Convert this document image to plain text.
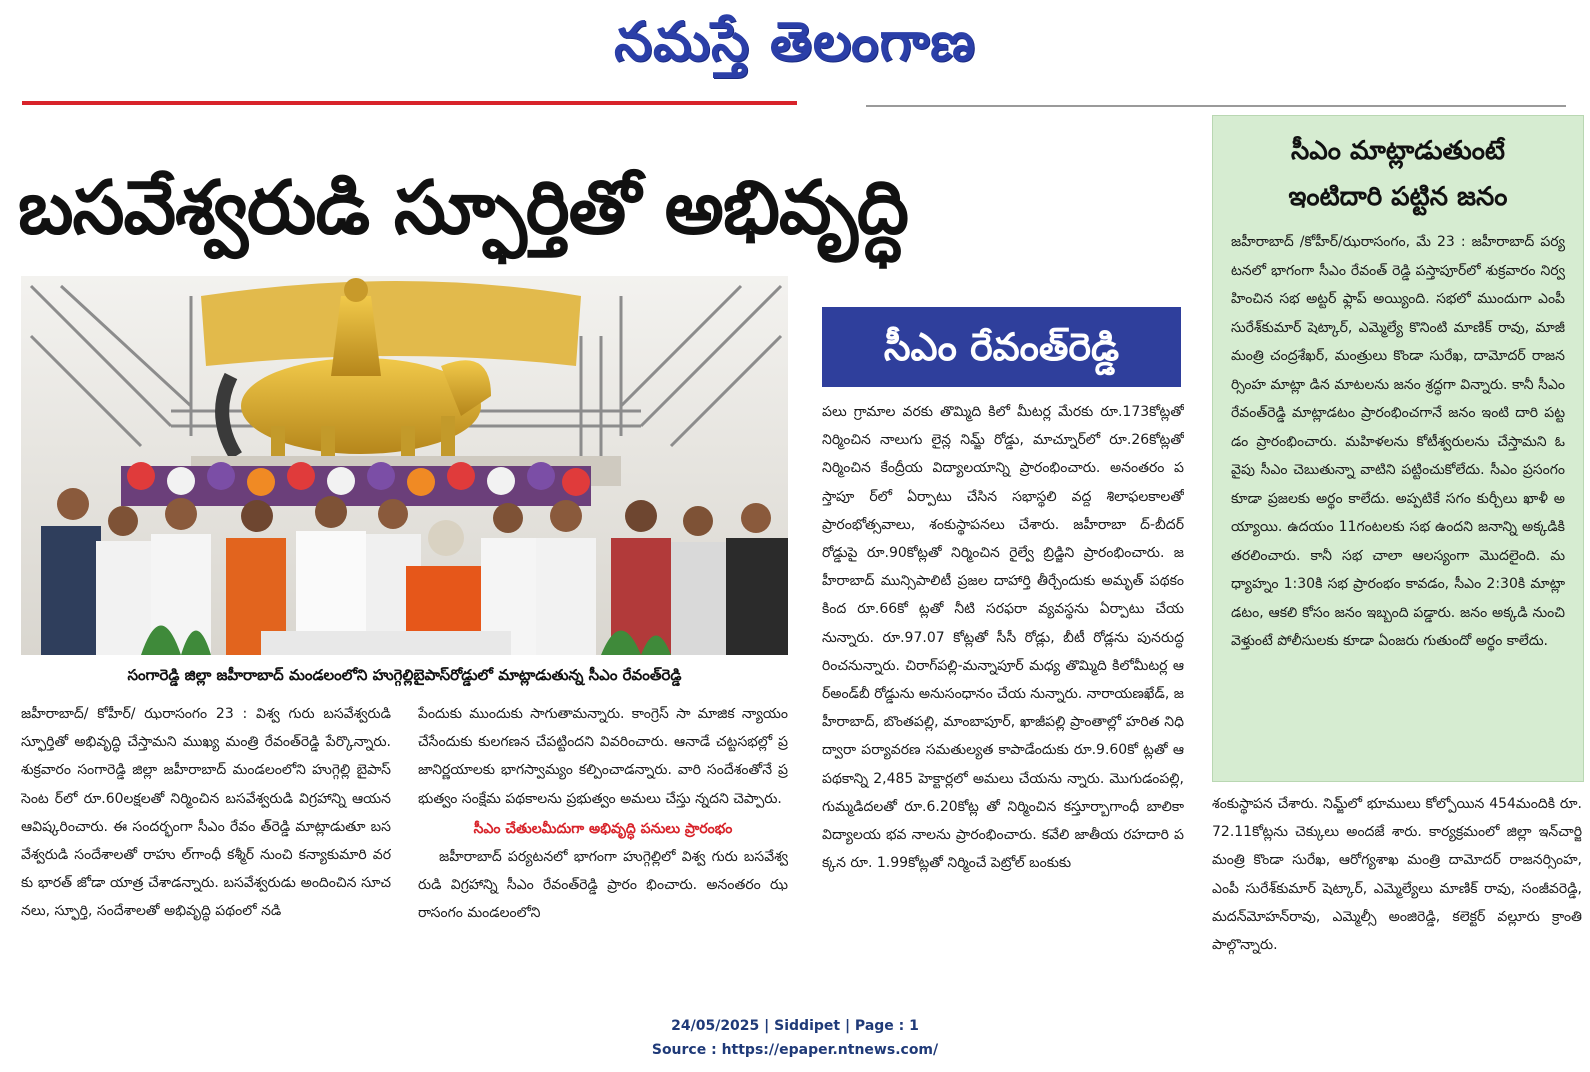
నమస్తే తెలంగాణ
బసవేశ్వరుడి స్ఫూర్తితో అభివృద్ధి
సంగారెడ్డి జిల్లా జహీరాబాద్ మండలంలోని హుగ్గెల్లిబైపాస్‌రోడ్డులో మాట్లాడుతున్న సీఎం రేవంత్‌రెడ్డి
సీఎం రేవంత్‌రెడ్డి
పలు గ్రామాల వరకు తొమ్మిది కిలో మీటర్ల మేరకు రూ.173కోట్లతో నిర్మించిన నాలుగు లైన్ల నిమ్జ్ రోడ్డు, మాచ్నూర్‌లో రూ.26కోట్లతో నిర్మించిన కేంద్రీయ విద్యాలయాన్ని ప్రారంభించారు. అనంతరం పస్తాపూ ర్‌లో ఏర్పాటు చేసిన సభాస్థలి వద్ద శిలాఫలకాలతో ప్రారంభోత్సవాలు, శంకుస్థాపనలు చేశారు. జహీరాబా ద్-బీదర్ రోడ్డుపై రూ.90కోట్లతో నిర్మించిన రైల్వే బ్రిడ్జిని ప్రారంభించారు. జహీరాబాద్ మున్సిపాలిటీ ప్రజల దాహార్తి తీర్చేందుకు అమృత్ పథకం కింద రూ.66కో ట్లతో నీటి సరఫరా వ్యవస్థను ఏర్పాటు చేయనున్నారు. రూ.97.07 కోట్లతో సీసీ రోడ్లు, బీటీ రోడ్లను పునరుద్ధ రించనున్నారు. చిరాగ్‌పల్లి-మన్నాపూర్ మధ్య తొమ్మిది కిలోమీటర్ల ఆర్‌అండ్‌బీ రోడ్డును అనుసంధానం చేయ నున్నారు. నారాయణఖేడ్, జహీరాబాద్, బొంతపల్లి, మాంబాపూర్, ఖాజీపల్లి ప్రాంతాల్లో హరిత నిధి ద్వారా పర్యావరణ సమతుల్యత కాపాడేందుకు రూ.9.60కో ట్లతో ఆ పథకాన్ని 2,485 హెక్టార్లలో అమలు చేయను న్నారు. మొగుడంపల్లి, గుమ్మడిదలతో రూ.6.20కోట్ల తో నిర్మించిన కస్తూర్బాగాంధీ బాలికా విద్యాలయ భవ నాలను ప్రారంభించారు. కవేలి జాతీయ రహదారి పక్కన రూ. 1.99కోట్లతో నిర్మించే పెట్రోల్ బంకుకు
జహీరాబాద్/ కోహీర్/ ఝరాసంగం 23 : విశ్వ గురు బసవేశ్వరుడి స్ఫూర్తితో అభివృద్ధి చేస్తామని ముఖ్య మంత్రి రేవంత్‌రెడ్డి పేర్కొన్నారు. శుక్రవారం సంగారెడ్డి జిల్లా జహీరాబాద్ మండలంలోని హుగ్గెల్లి బైపాస్ సెంట ర్‌లో రూ.60లక్షలతో నిర్మించిన బసవేశ్వరుడి విగ్రహాన్ని ఆయన ఆవిష్కరించారు. ఈ సందర్భంగా సీఎం రేవం త్‌రెడ్డి మాట్లాడుతూ బసవేశ్వరుడి సందేశాలతో రాహు ల్‌గాంధీ కశ్మీర్ నుంచి కన్యాకుమారి వరకు భారత్ జోడా యాత్ర చేశాడన్నారు. బసవేశ్వరుడు అందించిన సూచనలు, స్ఫూర్తి, సందేశాలతో అభివృద్ధి పథంలో నడి
పేందుకు ముందుకు సాగుతామన్నారు. కాంగ్రెస్ సా మాజిక న్యాయం చేసేందుకు కులగణన చేపట్టిందని వివరించారు. ఆనాడే చట్టసభల్లో ప్రజానిర్ణయాలకు భాగస్వామ్యం కల్పించాడన్నారు. వారి సందేశంతోనే ప్రభుత్వం సంక్షేమ పథకాలను ప్రభుత్వం అమలు చేస్తు న్నదని చెప్పారు.
సీఎం చేతులమీదుగా అభివృద్ధి పనులు ప్రారంభం
జహీరాబాద్ పర్యటనలో భాగంగా హుగ్గెల్లిలో విశ్వ గురు బసవేశ్వరుడి విగ్రహాన్ని సీఎం రేవంత్‌రెడ్డి ప్రారం భించారు. అనంతరం ఝరాసంగం మండలంలోని
సీఎం మాట్లాడుతుంటే
ఇంటిదారి పట్టిన జనం
జహీరాబాద్ /కోహీర్/ఝరాసంగం, మే 23 : జహీరాబాద్ పర్యటనలో భాగంగా సీఎం రేవంత్ రెడ్డి పస్తాపూర్‌లో శుక్రవారం నిర్వహించిన సభ అట్టర్ ఫ్లాప్ అయ్యింది. సభలో ముందుగా ఎంపీ సురేశ్‌కుమార్ షెట్కార్, ఎమ్మెల్యే కొనింటి మాణిక్ రావు, మాజీ మంత్రి చంద్రశేఖర్, మంత్రులు కొండా సురేఖ, దామోదర్ రాజనర్సింహ మాట్లా డిన మాటలను జనం శ్రద్ధగా విన్నారు. కానీ సీఎం రేవంత్‌రెడ్డి మాట్లాడటం ప్రారంభించగానే జనం ఇంటి దారి పట్టడం ప్రారంభించారు. మహిళలను కోటీశ్వరులను చేస్తామని ఓ వైపు సీఎం చెబుతున్నా వాటిని పట్టించుకోలేదు. సీఎం ప్రసంగం కూడా ప్రజలకు అర్థం కాలేదు. అప్పటికే సగం కుర్చీలు ఖాళీ అయ్యాయి. ఉదయం 11గంటలకు సభ ఉందని జనాన్ని అక్కడికి తరలించారు. కానీ సభ చాలా ఆలస్యంగా మొదలైంది. మధ్యాహ్నం 1:30కి సభ ప్రారంభం కావడం, సీఎం 2:30కి మాట్లా డటం, ఆకలి కోసం జనం ఇబ్బంది పడ్డారు. జనం అక్కడి నుంచి వెళ్తుంటే పోలీసులకు కూడా ఏంజరు గుతుందో అర్థం కాలేదు.
శంకుస్థాపన చేశారు. నిమ్జ్‌లో భూములు కోల్పోయిన 454మందికి రూ.72.11కోట్లను చెక్కులు అందజే శారు. కార్యక్రమంలో జిల్లా ఇన్‌చార్జి మంత్రి కొండా సురేఖ, ఆరోగ్యశాఖ మంత్రి దామోదర్ రాజనర్సింహ, ఎంపీ సురేశ్‌కుమార్ షెట్కార్, ఎమ్మెల్యేలు మాణిక్ రావు, సంజీవరెడ్డి, మదన్‌మోహన్‌రావు, ఎమ్మెల్సీ అంజిరెడ్డి, కలెక్టర్ వల్లూరు క్రాంతి పాల్గొన్నారు.
24/05/2025 | Siddipet | Page : 1
Source : https://epaper.ntnews.com/
